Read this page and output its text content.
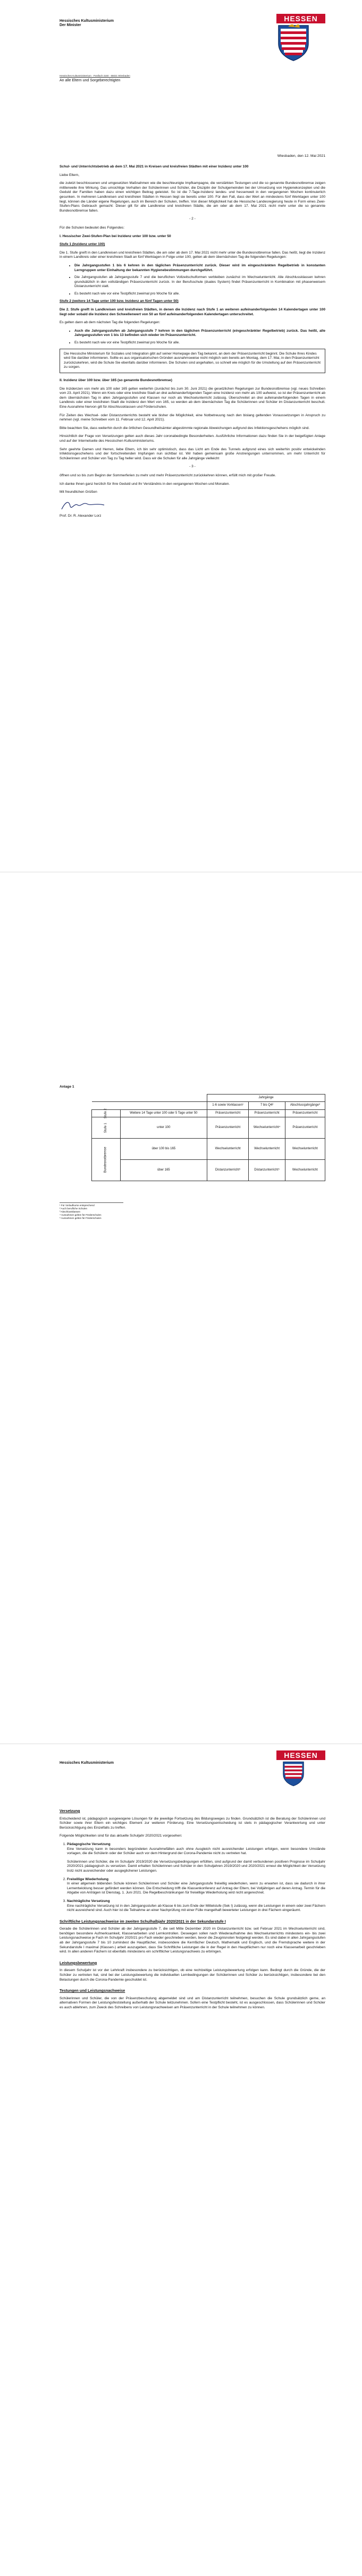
Hessisches Kultusministerium
Der Minister
HESSEN
Hessisches Kultusministerium · Postfach 3160 · 65021 Wiesbaden
An alle Eltern und Sorgeberechtigten
Wiesbaden, den 12. Mai 2021

Schul- und Unterrichtsbetrieb ab dem 17. Mai 2021 in Kreisen und kreisfreien Städten mit einer Inzidenz unter 100

Liebe Eltern,

die zuletzt beschlossenen und umgesetzten Maßnahmen wie die beschleunigte Impfkampagne, die verstärkten Testungen und die so genannte Bundesnotbremse zeigen mittlerweile ihre Wirkung. Das umsichtige Verhalten der Schülerinnen und Schüler, die Disziplin der Schulgemeinden bei der Umsetzung von Hygienekonzepten und die Geduld der Familien haben dazu einen wichtigen Beitrag geleistet. So ist die 7-Tage-Inzidenz landes- und hessenweit in den vergangenen Wochen kontinuierlich gesunken. In mehreren Landkreisen und kreisfreien Städten in Hessen liegt sie bereits unter 100. Für den Fall, dass der Wert an mindestens fünf Werktagen unter 100 liegt, können die Länder eigene Regelungen, auch im Bereich der Schulen, treffen. Von dieser Möglichkeit hat die Hessische Landesregierung heute in Form eines Zwei-Stufen-Plans Gebrauch gemacht: Dieser gilt für alle Landkreise und kreisfreien Städte, die am oder ab dem 17. Mai 2021 nicht mehr unter die so genannte Bundesnotbremse fallen.

- 2 -

Für die Schulen bedeutet dies Folgendes:

I. Hessischer Zwei-Stufen-Plan bei Inzidenz unter 100 bzw. unter 50

Stufe 1 (Inzidenz unter 100)

Die 1. Stufe greift in den Landkreisen und kreisfreien Städten, die am oder ab dem 17. Mai 2021 nicht mehr unter die Bundesnotbremse fallen. Das heißt, liegt die Inzidenz in einem Landkreis oder einer kreisfreien Stadt an fünf Werktagen in Folge unter 100, gelten ab dem übernächsten Tag die folgenden Regelungen:

• Die Jahrgangsstufen 1 bis 6 kehren in den täglichen Präsenzunterricht zurück. Dieser wird im eingeschränkten Regelbetrieb in konstanten Lerngruppen unter Einhaltung der bekannten Hygienebestimmungen durchgeführt.
• Die Jahrgangsstufen ab Jahrgangsstufe 7 und die beruflichen Vollzeitschulformen verbleiben zunächst im Wechselunterricht. Alle Abschlussklassen kehren grundsätzlich in den vollständigen Präsenzunterricht zurück. In der Berufsschule (duales System) findet Präsenzunterricht in Kombination mit phasenweisem Distanzunterricht statt.
• Es besteht nach wie vor eine Testpflicht zweimal pro Woche für alle.

Stufe 2 (weitere 14 Tage unter 100 bzw. Inzidenz an fünf Tagen unter 50)

Die 2. Stufe greift in Landkreisen und kreisfreien Städten, in denen die Inzidenz nach Stufe 1 an weiteren aufeinanderfolgenden 14 Kalendertagen unter 100 liegt oder sobald die Inzidenz den Schwellenwert von 50 an fünf aufeinanderfolgenden Kalendertagen unterschreitet.

Es gelten dann ab dem nächsten Tag die folgenden Regelungen:

• Auch die Jahrgangsstufen ab Jahrgangsstufe 7 kehren in den täglichen Präsenzunterricht (eingeschränkter Regelbetrieb) zurück. Das heißt, alle Jahrgangsstufen von 1 bis 13 befinden sich wieder im Präsenzunterricht.
• Es besteht nach wie vor eine Testpflicht zweimal pro Woche für alle.
Die Hessische Ministerium für Soziales und Integration gibt auf seiner Homepage den Tag bekannt, an dem der Präsenzunterricht beginnt. Die Schule Ihres Kindes wird Sie darüber informieren. Sollte es aus organisatorischen Gründen ausnahmsweise nicht möglich sein bereits am Montag, dem 17. Mai, in den Präsenzunterricht zurückzukehren, wird die Schule Sie ebenfalls darüber informieren. Die Schulen sind angehalten, so schnell wie möglich für die Umstellung auf den Präsenzunterricht zu sorgen.

II. Inzidenz über 100 bzw. über 165 (so genannte Bundesnotbremse)

Die Inzidenzen von mehr als 100 oder 165 gelten weiterhin (zunächst bis zum 30. Juni 2021) die gesetzlichen Regelungen zur Bundesnotbremse (vgl. neues Schreiben vom 23. April 2021). Wenn ein Kreis oder eine kreisfreie Stadt an drei aufeinanderfolgenden Tagen eine Inzidenz von mehr als 100 aufweist, so ist der Präsenzunterricht ab dem übernächsten Tag in allen Jahrgangsstufen und Klassen nur noch als Wechselunterricht zulässig. Überschreitet an drei aufeinanderfolgenden Tagen in einem Landkreis oder einer kreisfreien Stadt die Inzidenz den Wert von 165, so werden ab dem übernächsten Tag die Schülerinnen und Schüler im Distanzunterricht beschult. Eine Ausnahme hiervon gilt für Abschlussklassen und Förderschulen.

Für Zeiten des Wechsel- oder Distanzunterrichts besteht wie bisher die Möglichkeit, eine Notbetreuung nach den bislang geltenden Voraussetzungen in Anspruch zu nehmen (vgl. meine Schreiben vom 11. Februar und 12. April 2021).

Bitte beachten Sie, dass weiterhin durch die örtlichen Gesundheitsämter abgestimmte regionale Abweichungen aufgrund des Infektionsgeschehens möglich sind.

Hinsichtlich der Frage von Versetzungen gelten auch dieses Jahr coronabedingte Besonderheiten. Ausführliche Informationen dazu finden Sie in der beigefügten Anlage und auf der Internetseite des Hessischen Kultusministeriums.

Sehr geehrte Damen und Herren, liebe Eltern, ich bin sehr optimistisch, dass das Licht am Ende des Tunnels aufgrund eines sich weiterhin positiv entwickelnden Infektionsgeschehens und der fortschreitenden Impfungen nun sichtbar ist. Wir haben gemeinsam große Anstrengungen unternommen, um mehr Unterricht für Schülerinnen und Schüler von Tag zu Tag heller wird. Dass wir die Schulen für alle Jahrgänge vielleicht

- 3 -

öffnen und so bis zum Beginn der Sommerferien zu mehr und mehr Präsenzunterricht zurückkehren können, erfüllt mich mit großer Freude.

Ich danke Ihnen ganz herzlich für Ihre Geduld und Ihr Verständnis in den vergangenen Wochen und Monaten.

Mit freundlichen Grüßen

Prof. Dr. R. Alexander Lorz

Anlage 1

		Jahrgänge		
		1-6 sowie Vorklassen¹	7 bis Q4²	Abschlussjahrgänge³
Stufe 2	Weitere 14 Tage unter 100 oder 5 Tage unter 50	Präsenzunterricht	Präsenzunterricht	Präsenzunterricht
Stufe 1	unter 100	Präsenzunterricht	Wechselunterricht⁴	Präsenzunterricht
Bundesnotbremse	über 100 bis 165	Wechselunterricht	Wechselunterricht	Wechselunterricht
	über 165	Distanzunterricht⁵	Distanzunterricht⁵	Wechselunterricht
¹ Für Vorlaufkurse entsprechend
² Auch berufliche Schulen
³ Abschlussklassen
⁴ Ausnahmen gelten für Förderschulen
⁵ Ausnahmen gelten für Förderschulen
Hessisches Kultusministerium
HESSEN
Versetzung

Entscheidend ist, pädagogisch ausgewogene Lösungen für die jeweilige Fortsetzung des Bildungsweges zu finden. Grundsätzlich ist die Beratung der Schülerinnen und Schüler sowie ihrer Eltern ein wichtiges Element zur weiteren Förderung. Eine Versetzungsentscheidung ist stets in pädagogischer Verantwortung und unter Berücksichtigung des Einzelfalls zu treffen.

Folgende Möglichkeiten sind für das aktuelle Schuljahr 2020/2021 vorgesehen:

1. Pädagogische Versetzung

Eine Versetzung kann in besonders begründeten Ausnahmefällen auch ohne Ausgleich nicht ausreichender Leistungen erfolgen, wenn besondere Umstände vorlagen, die die Schülerin oder der Schüler auch vor dem Hintergrund der Corona-Pandemie nicht zu vertreten hat.

Schülerinnen und Schüler, die im Schuljahr 2019/2020 die Versetzungsbedingungen erfüllten, sind aufgrund der damit verbundenen positiven Prognose im Schuljahr 2020/2021 pädagogisch zu versetzen. Damit erhalten Schülerinnen und Schüler in den Schuljahren 2019/2020 und 2020/2021 erneut die Möglichkeit der Versetzung trotz nicht ausreichender oder ausgeglichener Leistungen.

2. Freiwillige Wiederholung

In einer allgemein bildenden Schule können Schülerinnen und Schüler eine Jahrgangsstufe freiwillig wiederholen, wenn zu erwarten ist, dass sie dadurch in ihrer Lernentwicklung besser gefördert werden können. Die Entscheidung trifft die Klassenkonferenz auf Antrag der Eltern, bei Volljährigen auf deren Antrag. Termin für die Abgabe von Anträgen ist Dienstag, 1. Juni 2021. Die Regelbeschränkungen für freiwillige Wiederholung wird nicht angerechnet.

3. Nachträgliche Versetzung

Eine nachträgliche Versetzung ist in den Jahrgangsstufen ab Klasse 6 bis zum Ende der Mittelstufe (Sek I) zulässig, wenn die Leistungen in einem oder zwei Fächern nicht ausreichend sind. Auch hier ist die Teilnahme an einer Nachprüfung mit einer Fülle mangelhaft bewerteter Leistungen in drei Fächern eingeräumt.

Schriftliche Leistungsnachweise im zweiten Schulhalbjahr 2020/2021 in der Sekundarstufe I

Gerade die Schülerinnen und Schüler ab der Jahrgangsstufe 7, die seit Mitte Dezember 2020 im Distanzunterricht bzw. seit Februar 2021 im Wechselunterricht sind, benötigen besondere Aufmerksamkeit, Klassenarbeiten und Lernkontrollen. Deswegen sollen nach Wiederaufnahme des Wechselunterrichts mindestens ein- bis zwei Leistungsnachweise je Fach im Schuljahr 2020/21 pro Fach wieder geschrieben werden, bevor die Zeugnisnoten festgelegt werden. Es sind dabei in allen Jahrgangsstufen ab der Jahrgangsstufe 7 bis 10 zumindest die Hauptfächer, insbesondere die Kernfächer Deutsch, Mathematik und Englisch, und die Fremdsprache weitere in der Sekundarstufe I maximal (Klassen-) arbeit auszugeben, dass Sie Schriftliche Leistungen die in der Regel in den Hauptfächern nur noch eine Klassenarbeit geschrieben wird. In allen anderen Fächern ist ebenfalls mindestens ein schriftlicher Leistungsnachweis zu erbringen.

Leistungsbewertung

In diesem Schuljahr ist vor der Lehrkraft insbesondere zu berücksichtigen, ob eine rechtzeitige Leistungsbewertung erfolgen kann. Bedingt durch die Gründe, die der Schüler zu vertreten hat, sind bei der Leistungsbewertung die individuellen Lernbedingungen der Schülerinnen und Schüler zu berücksichtigen, insbesondere bei den Belastungen durch die Corona-Pandemie geschuldet ist.

Testungen und Leistungsnachweise

Schülerinnen und Schüler, die von der Präsenzbeschulung abgemeldet sind und am Distanzunterricht teilnehmen, besuchen die Schule grundsätzlich gerne, an alternativen Formen der Leistungsfeststellung außerhalb der Schule teilzunehmen. Sofern eine Testpflicht besteht, ist es ausgeschlossen, dass Schülerinnen und Schüler es auch ablehnen, zum Zweck des Schreibens von Leistungsnachweisen am Präsenzunterricht in der Schule teilnehmen zu können.
